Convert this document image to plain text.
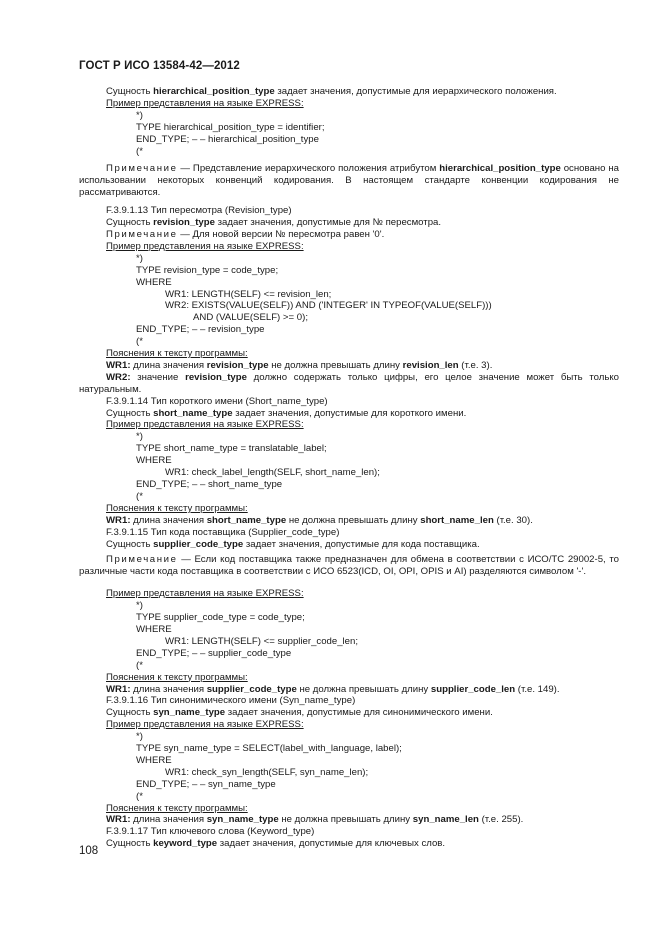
ГОСТ Р ИСО 13584-42—2012
Сущность hierarchical_position_type задает значения, допустимые для иерархического положения.
Пример представления на языке EXPRESS:
*)
TYPE hierarchical_position_type = identifier;
END_TYPE; – – hierarchical_position_type
(*
Примечание — Представление иерархического положения атрибутом hierarchical_position_type основано на использовании некоторых конвенций кодирования. В настоящем стандарте конвенции кодирования не рассматриваются.
F.3.9.1.13 Тип пересмотра (Revision_type)
Сущность revision_type задает значения, допустимые для № пересмотра.
Примечание — Для новой версии № пересмотра равен '0'.
Пример представления на языке EXPRESS:
*)
TYPE revision_type = code_type;
WHERE
WR1: LENGTH(SELF) <= revision_len;
WR2: EXISTS(VALUE(SELF)) AND ('INTEGER' IN TYPEOF(VALUE(SELF)))
AND (VALUE(SELF) >= 0);
END_TYPE; – – revision_type
(*
Пояснения к тексту программы:
WR1: длина значения revision_type не должна превышать длину revision_len (т.е. 3).
WR2: значение revision_type должно содержать только цифры, его целое значение может быть только натуральным.
F.3.9.1.14 Тип короткого имени (Short_name_type)
Сущность short_name_type задает значения, допустимые для короткого имени.
Пример представления на языке EXPRESS:
*)
TYPE short_name_type = translatable_label;
WHERE
WR1: check_label_length(SELF, short_name_len);
END_TYPE; – – short_name_type
(*
Пояснения к тексту программы:
WR1: длина значения short_name_type не должна превышать длину short_name_len (т.е. 30).
F.3.9.1.15 Тип кода поставщика (Supplier_code_type)
Сущность supplier_code_type задает значения, допустимые для кода поставщика.
Примечание — Если код поставщика также предназначен для обмена в соответствии с ИСО/ТС 29002-5, то различные части кода поставщика в соответствии с ИСО 6523(ICD, OI, OPI, OPIS и AI) разделяются символом '-'.
Пример представления на языке EXPRESS:
*)
TYPE supplier_code_type = code_type;
WHERE
WR1: LENGTH(SELF) <= supplier_code_len;
END_TYPE; – – supplier_code_type
(*
Пояснения к тексту программы:
WR1: длина значения supplier_code_type не должна превышать длину supplier_code_len (т.е. 149).
F.3.9.1.16 Тип синонимического имени (Syn_name_type)
Сущность syn_name_type задает значения, допустимые для синонимического имени.
Пример представления на языке EXPRESS:
*)
TYPE syn_name_type = SELECT(label_with_language, label);
WHERE
WR1: check_syn_length(SELF, syn_name_len);
END_TYPE; – – syn_name_type
(*
Пояснения к тексту программы:
WR1: длина значения syn_name_type не должна превышать длину syn_name_len (т.е. 255).
F.3.9.1.17 Тип ключевого слова (Keyword_type)
Сущность keyword_type задает значения, допустимые для ключевых слов.
108
